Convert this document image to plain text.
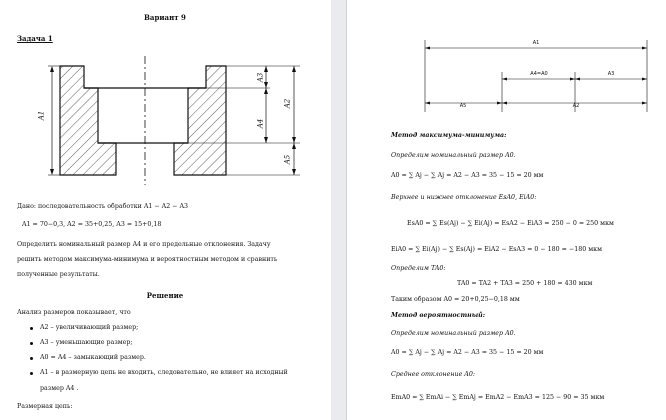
Вариант 9
Задача 1
A1
A3
A4
A2
A5
Дано: последовательность обработки A1 − A2 − A3
A1 = 70−0,3, A2 = 35+0,25, A3 = 15+0,18
Определить номинальный размер A4 и его предельные отклонения. Задачу
решить методом максимума-минимума и вероятностным методом и сравнить
полученные результаты.
Решение
Анализ размеров показывает, что
A2 – увеличивающий размер;
A3 – уменьшающие размер;
A0 = A4 – замыкающий размер.
A1 – в размерную цепь не входить, следовательно, не влияет на исходный
размер A4 .
Размерная цепь:
A1
A4=A0	A3
A5	A2
Метод максимума-минимума:
Определим номинальный размер A0.
A0 = ∑ Aj − ∑ Aj = A2 − A3 = 35 − 15 = 20 мм
Верхнее и нижнее отклонение EsA0, EiA0:
EsA0 = ∑ Es(Aj) − ∑ Ei(Aj) = EsA2 − EiA3 = 250 − 0 = 250 мкм
EiA0 = ∑ Ei(Aj) − ∑ Es(Aj) = EiA2 − EsA3 = 0 − 180 = −180 мкм
Определим TA0:
TA0 = TA2 + TA3 = 250 + 180 = 430 мкм
Таким образом A0 = 20+0,25−0,18 мм
Метод вероятностный:
Определим номинальный размер A0.
A0 = ∑ Aj − ∑ Aj = A2 − A3 = 35 − 15 = 20 мм
Среднее отклонение A0:
EmA0 = ∑ EmAi − ∑ EmAj = EmA2 − EmA3 = 125 − 90 = 35 мкм
